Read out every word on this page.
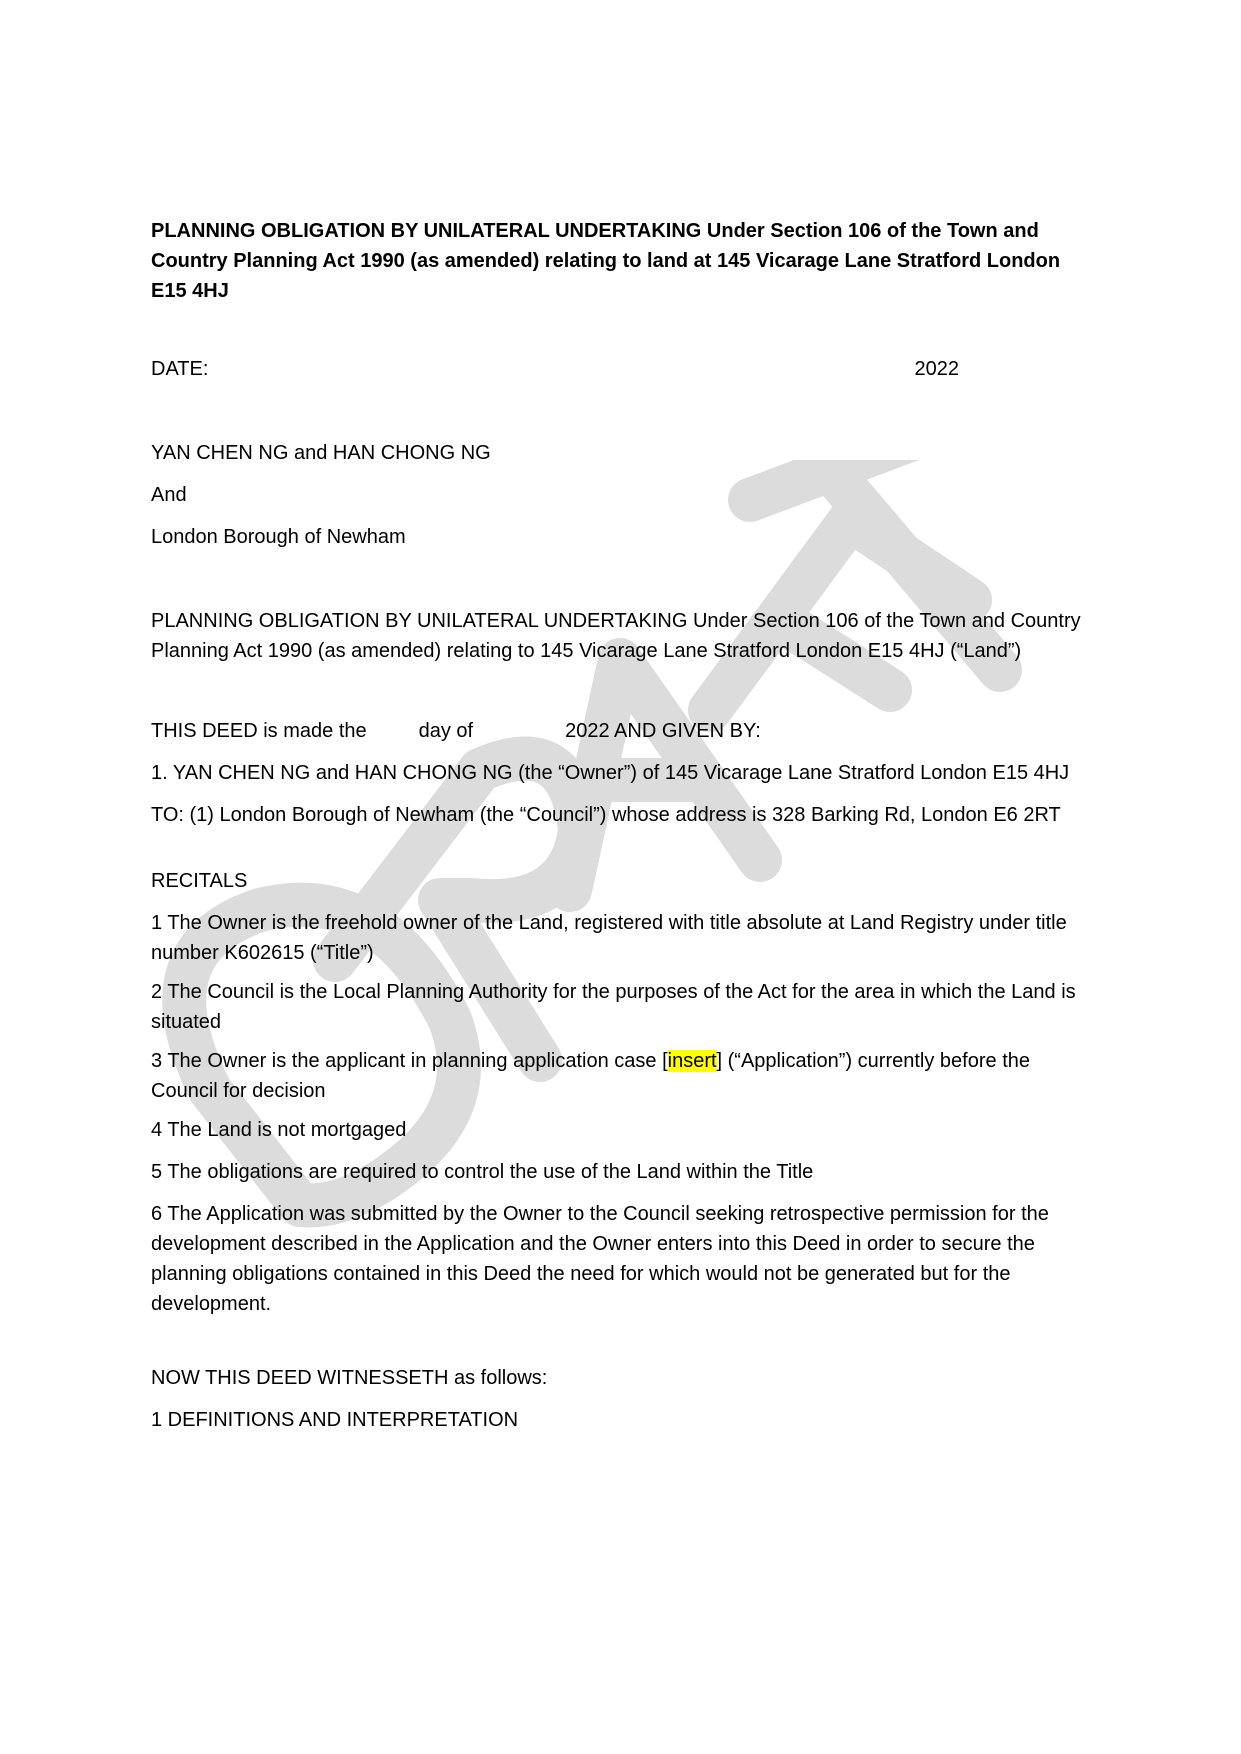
PLANNING OBLIGATION BY UNILATERAL UNDERTAKING Under Section 106 of the Town and Country Planning Act 1990 (as amended) relating to land at 145 Vicarage Lane Stratford London E15 4HJ

DATE:	2022

YAN CHEN NG and HAN CHONG NG

And

London Borough of Newham

PLANNING OBLIGATION BY UNILATERAL UNDERTAKING Under Section 106 of the Town and Country Planning Act 1990 (as amended) relating to 145 Vicarage Lane Stratford London E15 4HJ (“Land”)

THIS DEED is made the	day of	2022 AND GIVEN BY:

1. YAN CHEN NG and HAN CHONG NG (the “Owner”) of 145 Vicarage Lane Stratford London E15 4HJ

TO: (1) London Borough of Newham (the “Council”) whose address is 328 Barking Rd, London E6 2RT

RECITALS

1 The Owner is the freehold owner of the Land, registered with title absolute at Land Registry under title number K602615 (“Title”)

2 The Council is the Local Planning Authority for the purposes of the Act for the area in which the Land is situated

3 The Owner is the applicant in planning application case [insert] (“Application”) currently before the Council for decision

4 The Land is not mortgaged

5 The obligations are required to control the use of the Land within the Title

6 The Application was submitted by the Owner to the Council seeking retrospective permission for the development described in the Application and the Owner enters into this Deed in order to secure the planning obligations contained in this Deed the need for which would not be generated but for the development.

NOW THIS DEED WITNESSETH as follows:

1 DEFINITIONS AND INTERPRETATION
